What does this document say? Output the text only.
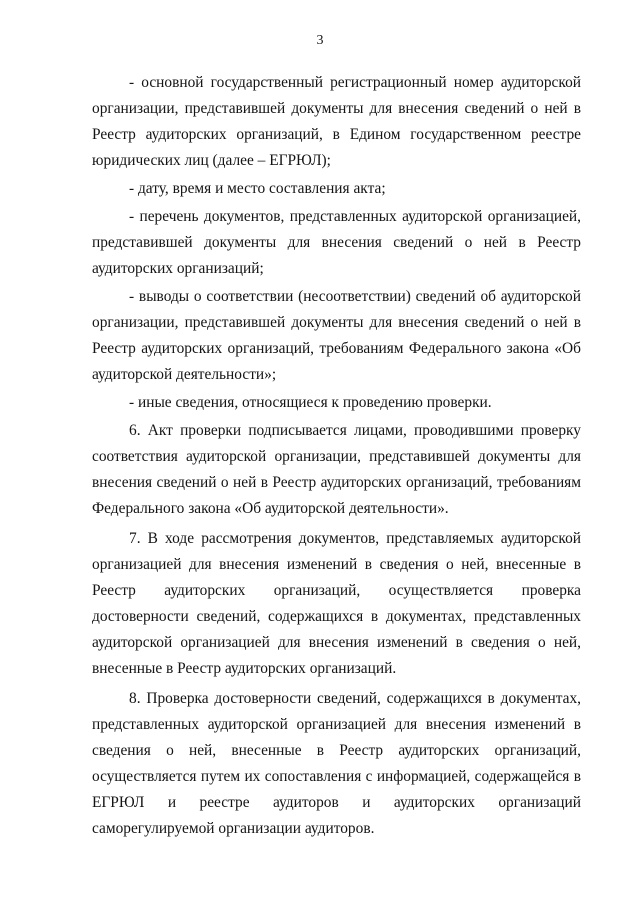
3

- основной государственный регистрационный номер аудиторской организации, представившей документы для внесения сведений о ней в Реестр аудиторских организаций, в Едином государственном реестре юридических лиц (далее – ЕГРЮЛ);

- дату, время и место составления акта;

- перечень документов, представленных аудиторской организацией, представившей документы для внесения сведений о ней в Реестр аудиторских организаций;

- выводы о соответствии (несоответствии) сведений об аудиторской организации, представившей документы для внесения сведений о ней в Реестр аудиторских организаций, требованиям Федерального закона «Об аудиторской деятельности»;

- иные сведения, относящиеся к проведению проверки.

6. Акт проверки подписывается лицами, проводившими проверку соответствия аудиторской организации, представившей документы для внесения сведений о ней в Реестр аудиторских организаций, требованиям Федерального закона «Об аудиторской деятельности».

7. В ходе рассмотрения документов, представляемых аудиторской организацией для внесения изменений в сведения о ней, внесенные в Реестр аудиторских организаций, осуществляется проверка достоверности сведений, содержащихся в документах, представленных аудиторской организацией для внесения изменений в сведения о ней, внесенные в Реестр аудиторских организаций.

8. Проверка достоверности сведений, содержащихся в документах, представленных аудиторской организацией для внесения изменений в сведения о ней, внесенные в Реестр аудиторских организаций, осуществляется путем их сопоставления с информацией, содержащейся в ЕГРЮЛ и реестре аудиторов и аудиторских организаций саморегулируемой организации аудиторов.
